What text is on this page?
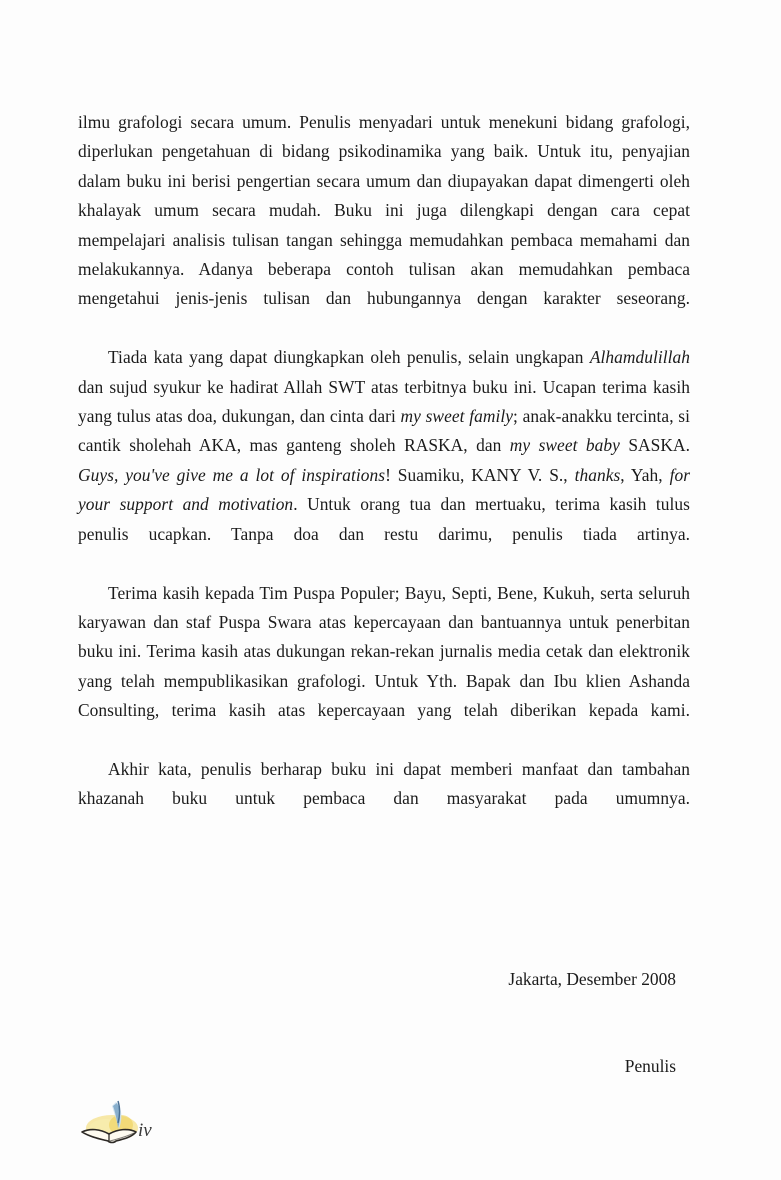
ilmu grafologi secara umum. Penulis menyadari untuk menekuni bidang grafologi, diperlukan pengetahuan di bidang psikodinamika yang baik. Untuk itu, penyajian dalam buku ini berisi pengertian secara umum dan diupayakan dapat dimengerti oleh khalayak umum secara mudah. Buku ini juga dilengkapi dengan cara cepat mempelajari analisis tulisan tangan sehingga memudahkan pembaca memahami dan melakukannya. Adanya beberapa contoh tulisan akan memudahkan pembaca mengetahui jenis-jenis tulisan dan hubungannya dengan karakter seseorang.

Tiada kata yang dapat diungkapkan oleh penulis, selain ungkapan Alhamdulillah dan sujud syukur ke hadirat Allah SWT atas terbitnya buku ini. Ucapan terima kasih yang tulus atas doa, dukungan, dan cinta dari my sweet family; anak-anakku tercinta, si cantik sholehah AKA, mas ganteng sholeh RASKA, dan my sweet baby SASKA. Guys, you've give me a lot of inspirations! Suamiku, KANY V. S., thanks, Yah, for your support and motivation. Untuk orang tua dan mertuaku, terima kasih tulus penulis ucapkan. Tanpa doa dan restu darimu, penulis tiada artinya.

Terima kasih kepada Tim Puspa Populer; Bayu, Septi, Bene, Kukuh, serta seluruh karyawan dan staf Puspa Swara atas kepercayaan dan bantuannya untuk penerbitan buku ini. Terima kasih atas dukungan rekan-rekan jurnalis media cetak dan elektronik yang telah mempublikasikan grafologi. Untuk Yth. Bapak dan Ibu klien Ashanda Consulting, terima kasih atas kepercayaan yang telah diberikan kepada kami.

Akhir kata, penulis berharap buku ini dapat memberi manfaat dan tambahan khazanah buku untuk pembaca dan masyarakat pada umumnya.

Jakarta, Desember 2008
Penulis
iv
